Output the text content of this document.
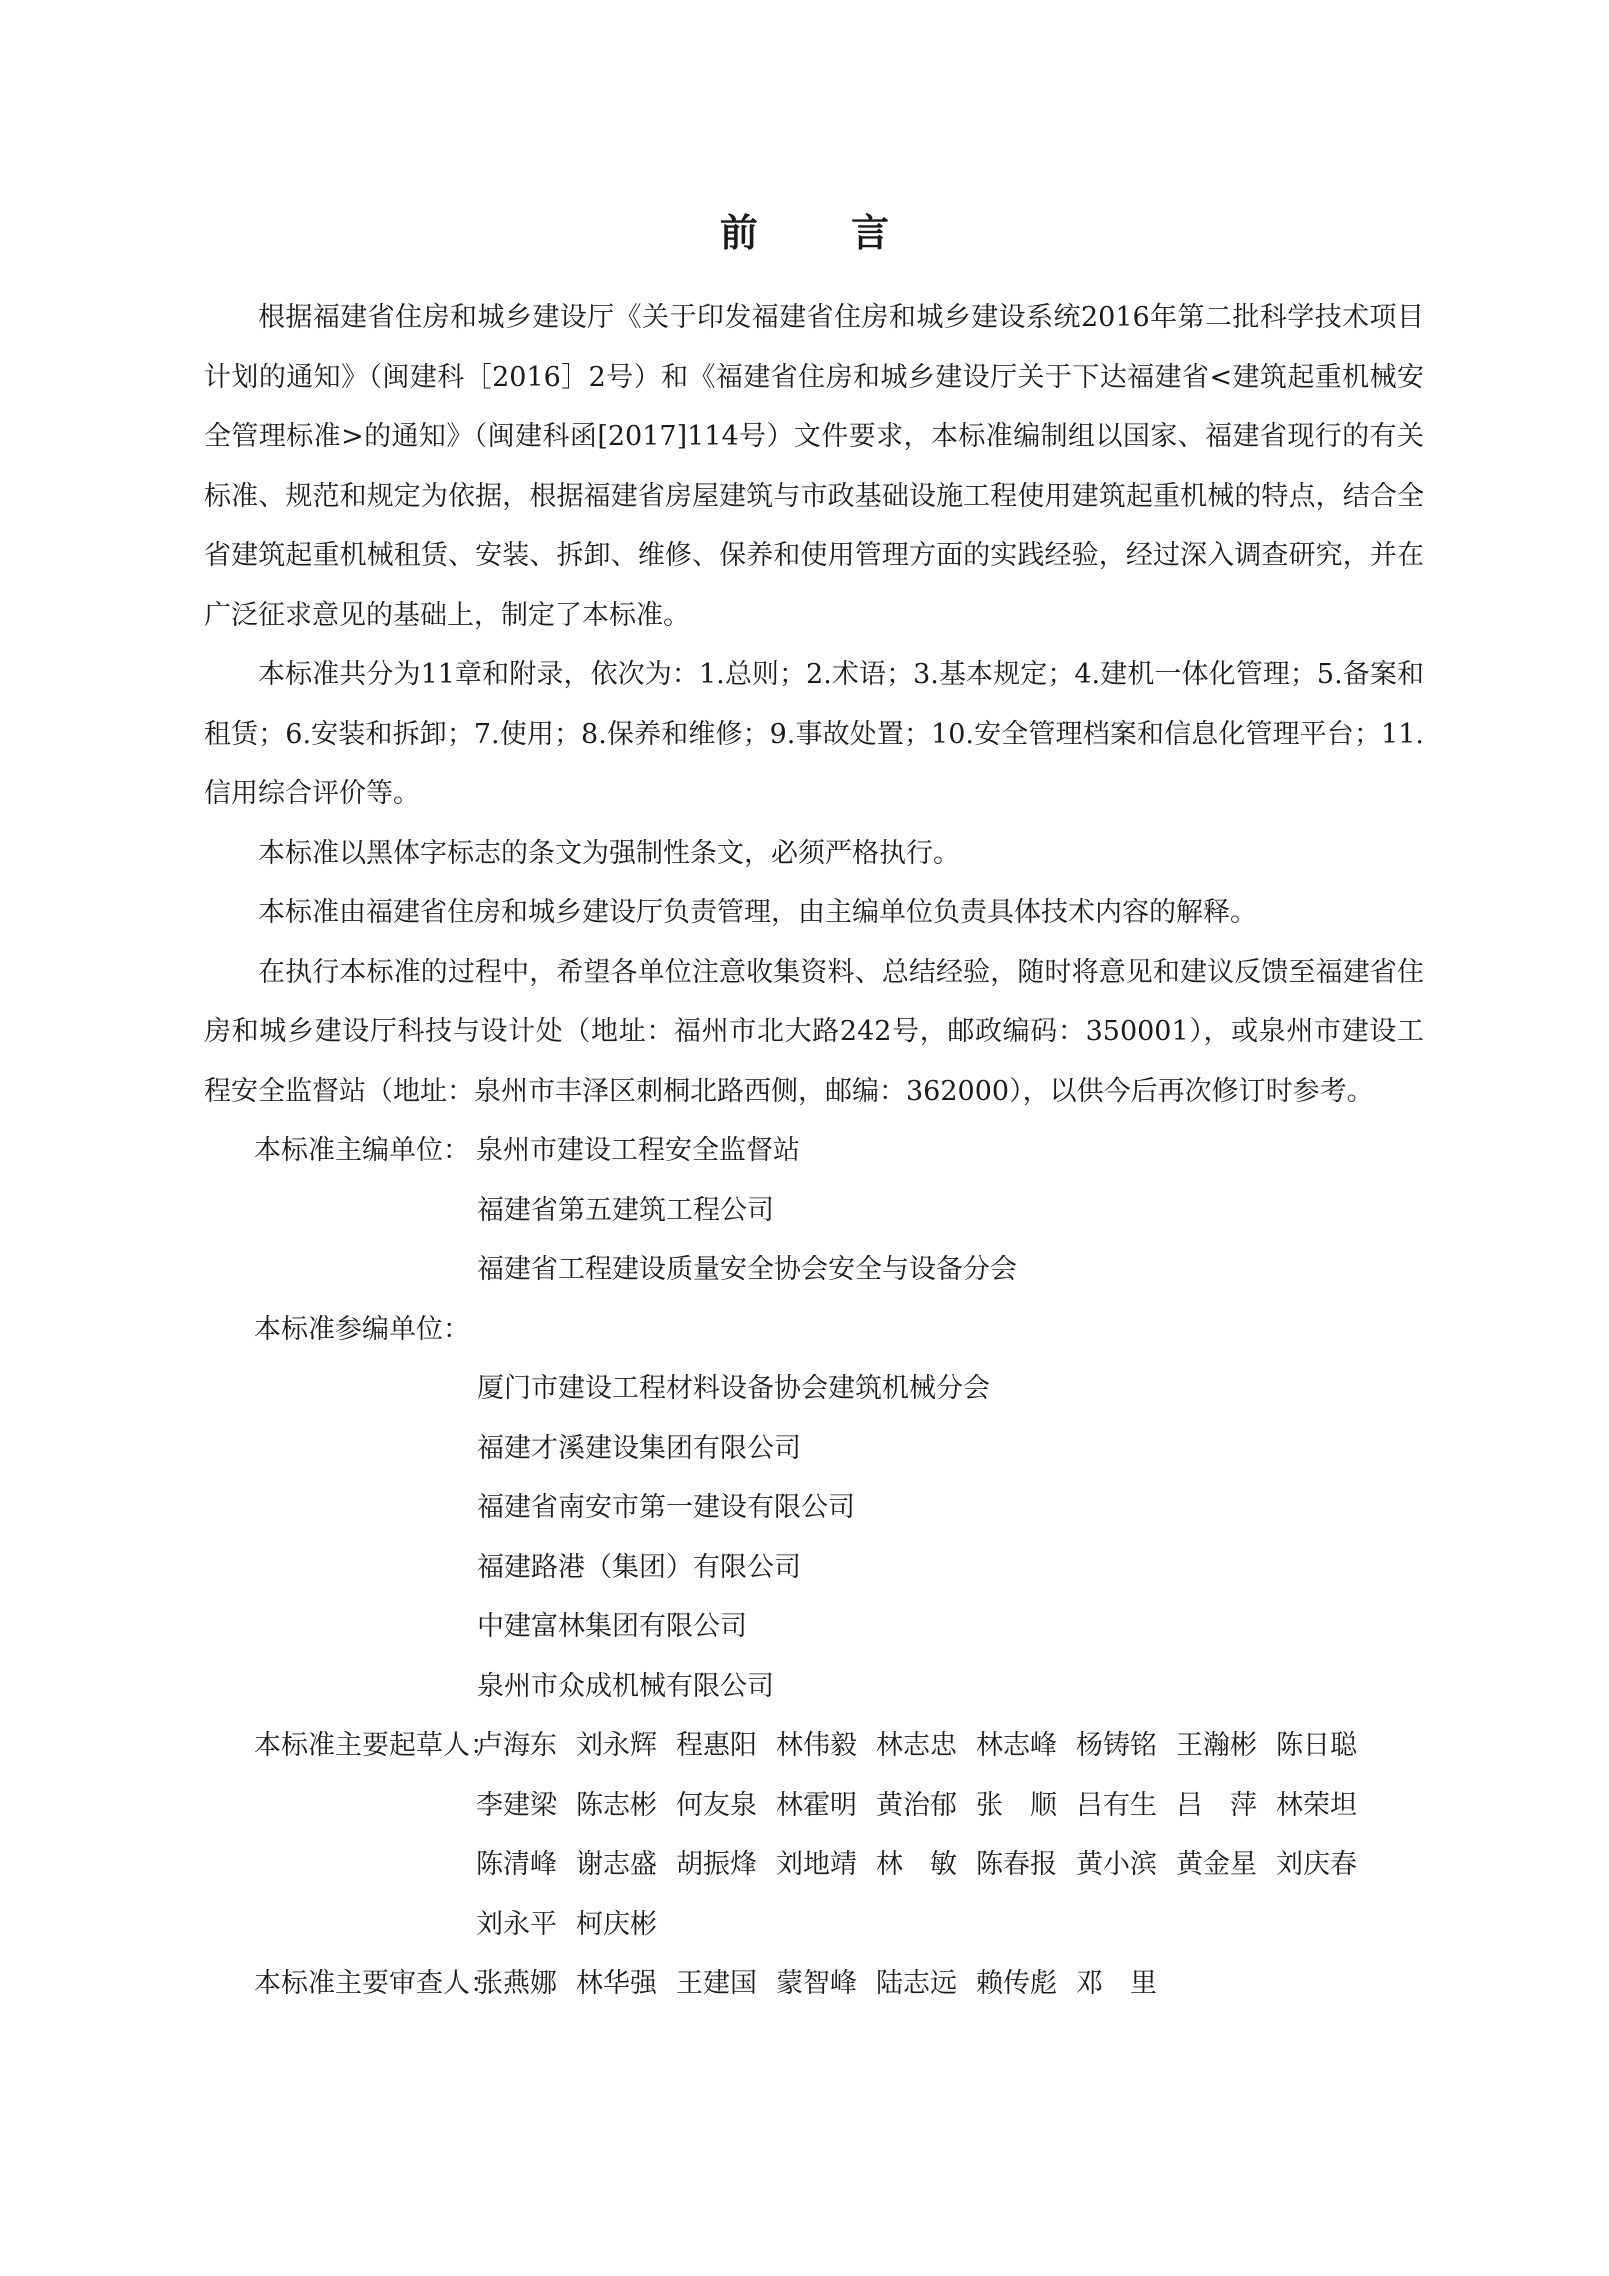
前 言

根据福建省住房和城乡建设厅《关于印发福建省住房和城乡建设系统2016年第二批科学技术项目计划的通知》（闽建科［2016］2号）和《福建省住房和城乡建设厅关于下达福建省<建筑起重机械安全管理标准>的通知》（闽建科函[2017]114号）文件要求，本标准编制组以国家、福建省现行的有关标准、规范和规定为依据，根据福建省房屋建筑与市政基础设施工程使用建筑起重机械的特点，结合全省建筑起重机械租赁、安装、拆卸、维修、保养和使用管理方面的实践经验，经过深入调查研究，并在广泛征求意见的基础上，制定了本标准。

本标准共分为11章和附录，依次为：1.总则；2.术语；3.基本规定；4.建机一体化管理；5.备案和租赁；6.安装和拆卸；7.使用；8.保养和维修；9.事故处置；10.安全管理档案和信息化管理平台；11.信用综合评价等。

本标准以黑体字标志的条文为强制性条文，必须严格执行。

本标准由福建省住房和城乡建设厅负责管理，由主编单位负责具体技术内容的解释。

在执行本标准的过程中，希望各单位注意收集资料、总结经验，随时将意见和建议反馈至福建省住房和城乡建设厅科技与设计处（地址：福州市北大路242号，邮政编码：350001），或泉州市建设工程安全监督站（地址：泉州市丰泽区刺桐北路西侧，邮编：362000），以供今后再次修订时参考。

本标准主编单位： 泉州市建设工程安全监督站

福建省第五建筑工程公司

福建省工程建设质量安全协会安全与设备分会

本标准参编单位：

厦门市建设工程材料设备协会建筑机械分会

福建才溪建设集团有限公司

福建省南安市第一建设有限公司

福建路港（集团）有限公司

中建富林集团有限公司

泉州市众成机械有限公司

本标准主要起草人：
卢海东 刘永辉 程惠阳 林伟毅 林志忠 林志峰 杨铸铭 王瀚彬 陈日聪
李建梁 陈志彬 何友泉 林霍明 黄治郁 张　顺 吕有生 吕　萍 林荣坦
陈清峰 谢志盛 胡振烽 刘地靖 林　敏 陈春报 黄小滨 黄金星 刘庆春
刘永平 柯庆彬
本标准主要审查人：
张燕娜 林华强 王建国 蒙智峰 陆志远 赖传彪 邓　里
